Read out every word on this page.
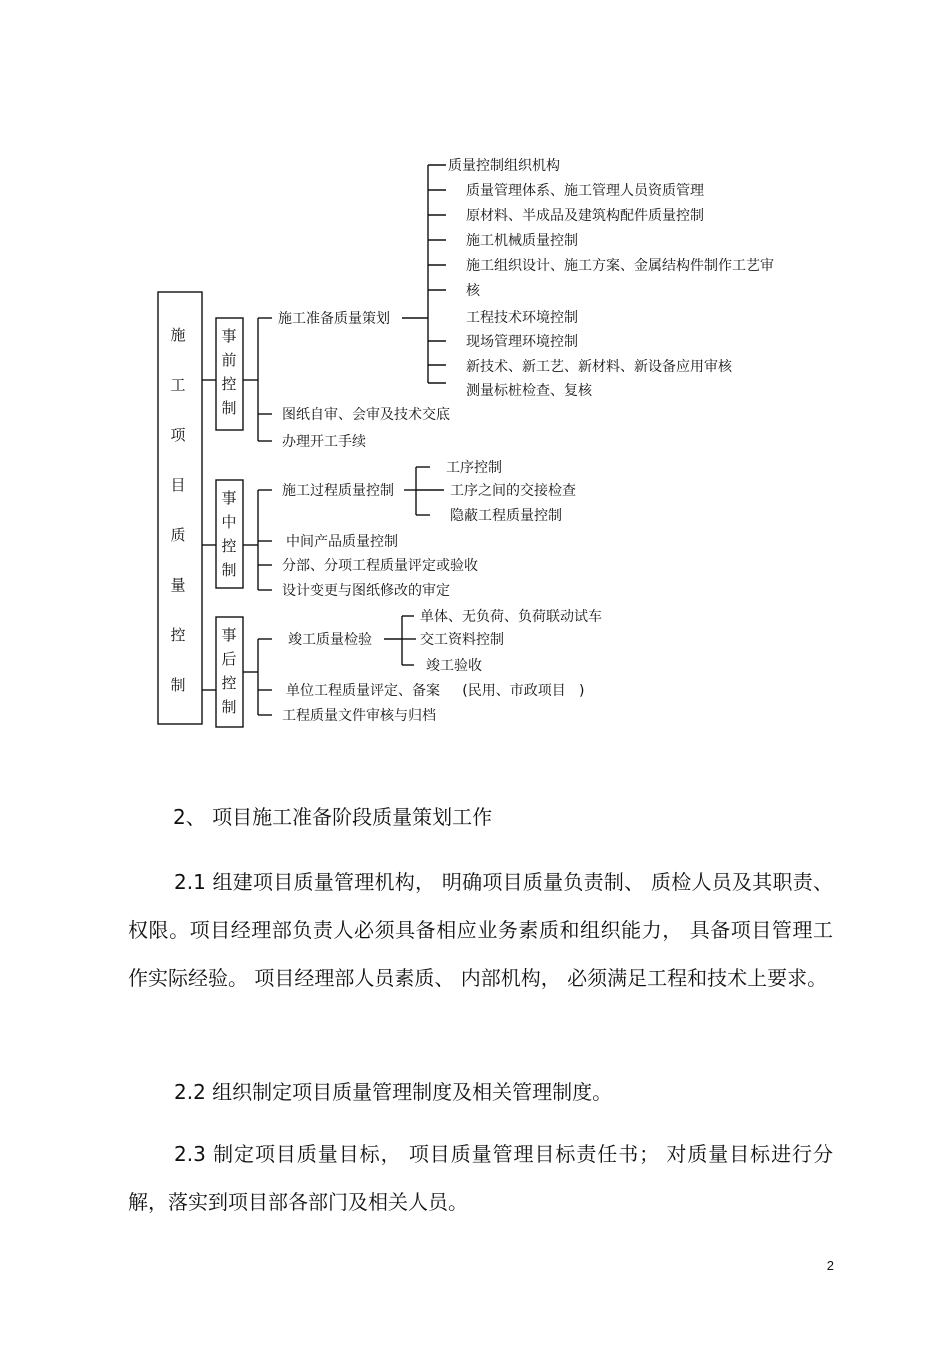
施
工
项
目
质
量
控
制
事
前
控
制
事
中
控
制
事
后
控
制
施工准备质量策划
质量控制组织机构
质量管理体系、施工管理人员资质管理
原材料、半成品及建筑构配件质量控制
施工机械质量控制
施工组织设计、施工方案、金属结构件制作工艺审
核
工程技术环境控制
现场管理环境控制
新技术、新工艺、新材料、新设备应用审核
测量标桩检查、复核
图纸自审、会审及技术交底
办理开工手续
施工过程质量控制
工序控制
工序之间的交接检查
隐蔽工程质量控制
中间产品质量控制
分部、分项工程质量评定或验收
设计变更与图纸修改的审定
竣工质量检验
单体、无负荷、负荷联动试车
交工资料控制
竣工验收
单位工程质量评定、备案     (民用、市政项目   )
工程质量文件审核与归档

2、 项目施工准备阶段质量策划工作

2.1 组建项目质量管理机构， 明确项目质量负责制、 质检人员及其职责、权限。项目经理部负责人必须具备相应业务素质和组织能力， 具备项目管理工作实际经验。 项目经理部人员素质、 内部机构， 必须满足工程和技术上要求。

2.2 组织制定项目质量管理制度及相关管理制度。

2.3 制定项目质量目标， 项目质量管理目标责任书； 对质量目标进行分解，落实到项目部各部门及相关人员。

2
